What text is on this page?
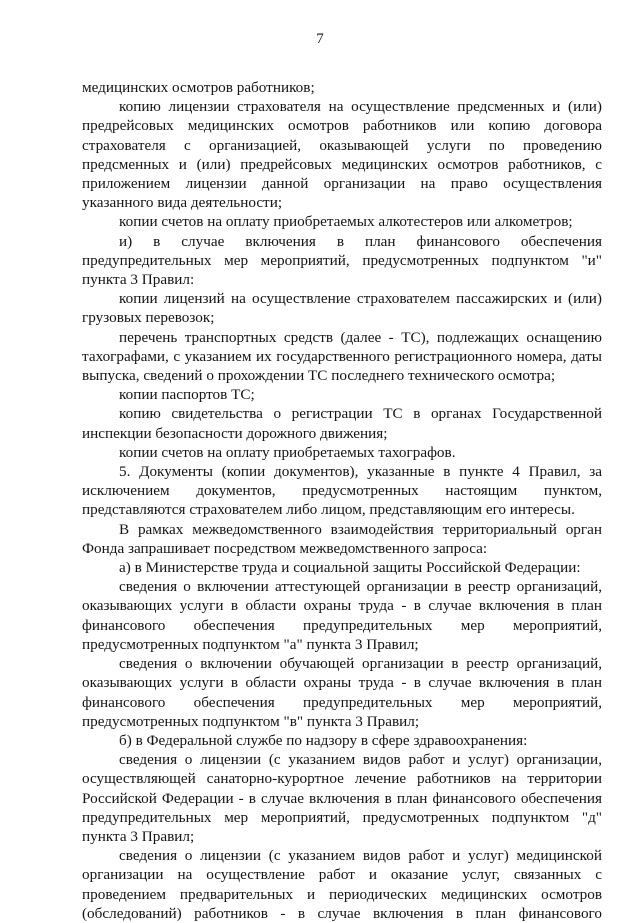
7

медицинских осмотров работников;

копию лицензии страхователя на осуществление предсменных и (или) предрейсовых медицинских осмотров работников или копию договора страхователя с организацией, оказывающей услуги по проведению предсменных и (или) предрейсовых медицинских осмотров работников, с приложением лицензии данной организации на право осуществления указанного вида деятельности;

копии счетов на оплату приобретаемых алкотестеров или алкометров;

и) в случае включения в план финансового обеспечения предупредительных мер мероприятий, предусмотренных подпунктом "и" пункта 3 Правил:

копии лицензий на осуществление страхователем пассажирских и (или) грузовых перевозок;

перечень транспортных средств (далее - ТС), подлежащих оснащению тахографами, с указанием их государственного регистрационного номера, даты выпуска, сведений о прохождении ТС последнего технического осмотра;

копии паспортов ТС;

копию свидетельства о регистрации ТС в органах Государственной инспекции безопасности дорожного движения;

копии счетов на оплату приобретаемых тахографов.

5. Документы (копии документов), указанные в пункте 4 Правил, за исключением документов, предусмотренных настоящим пунктом, представляются страхователем либо лицом, представляющим его интересы.

В рамках межведомственного взаимодействия территориальный орган Фонда запрашивает посредством межведомственного запроса:

а) в Министерстве труда и социальной защиты Российской Федерации:

сведения о включении аттестующей организации в реестр организаций, оказывающих услуги в области охраны труда - в случае включения в план финансового обеспечения предупредительных мер мероприятий, предусмотренных подпунктом "а" пункта 3 Правил;

сведения о включении обучающей организации в реестр организаций, оказывающих услуги в области охраны труда - в случае включения в план финансового обеспечения предупредительных мер мероприятий, предусмотренных подпунктом "в" пункта 3 Правил;

б) в Федеральной службе по надзору в сфере здравоохранения:

сведения о лицензии (с указанием видов работ и услуг) организации, осуществляющей санаторно-курортное лечение работников на территории Российской Федерации - в случае включения в план финансового обеспечения предупредительных мер мероприятий, предусмотренных подпунктом "д" пункта 3 Правил;

сведения о лицензии (с указанием видов работ и услуг) медицинской организации на осуществление работ и оказание услуг, связанных с проведением предварительных и периодических медицинских осмотров (обследований) работников - в случае включения в план финансового
